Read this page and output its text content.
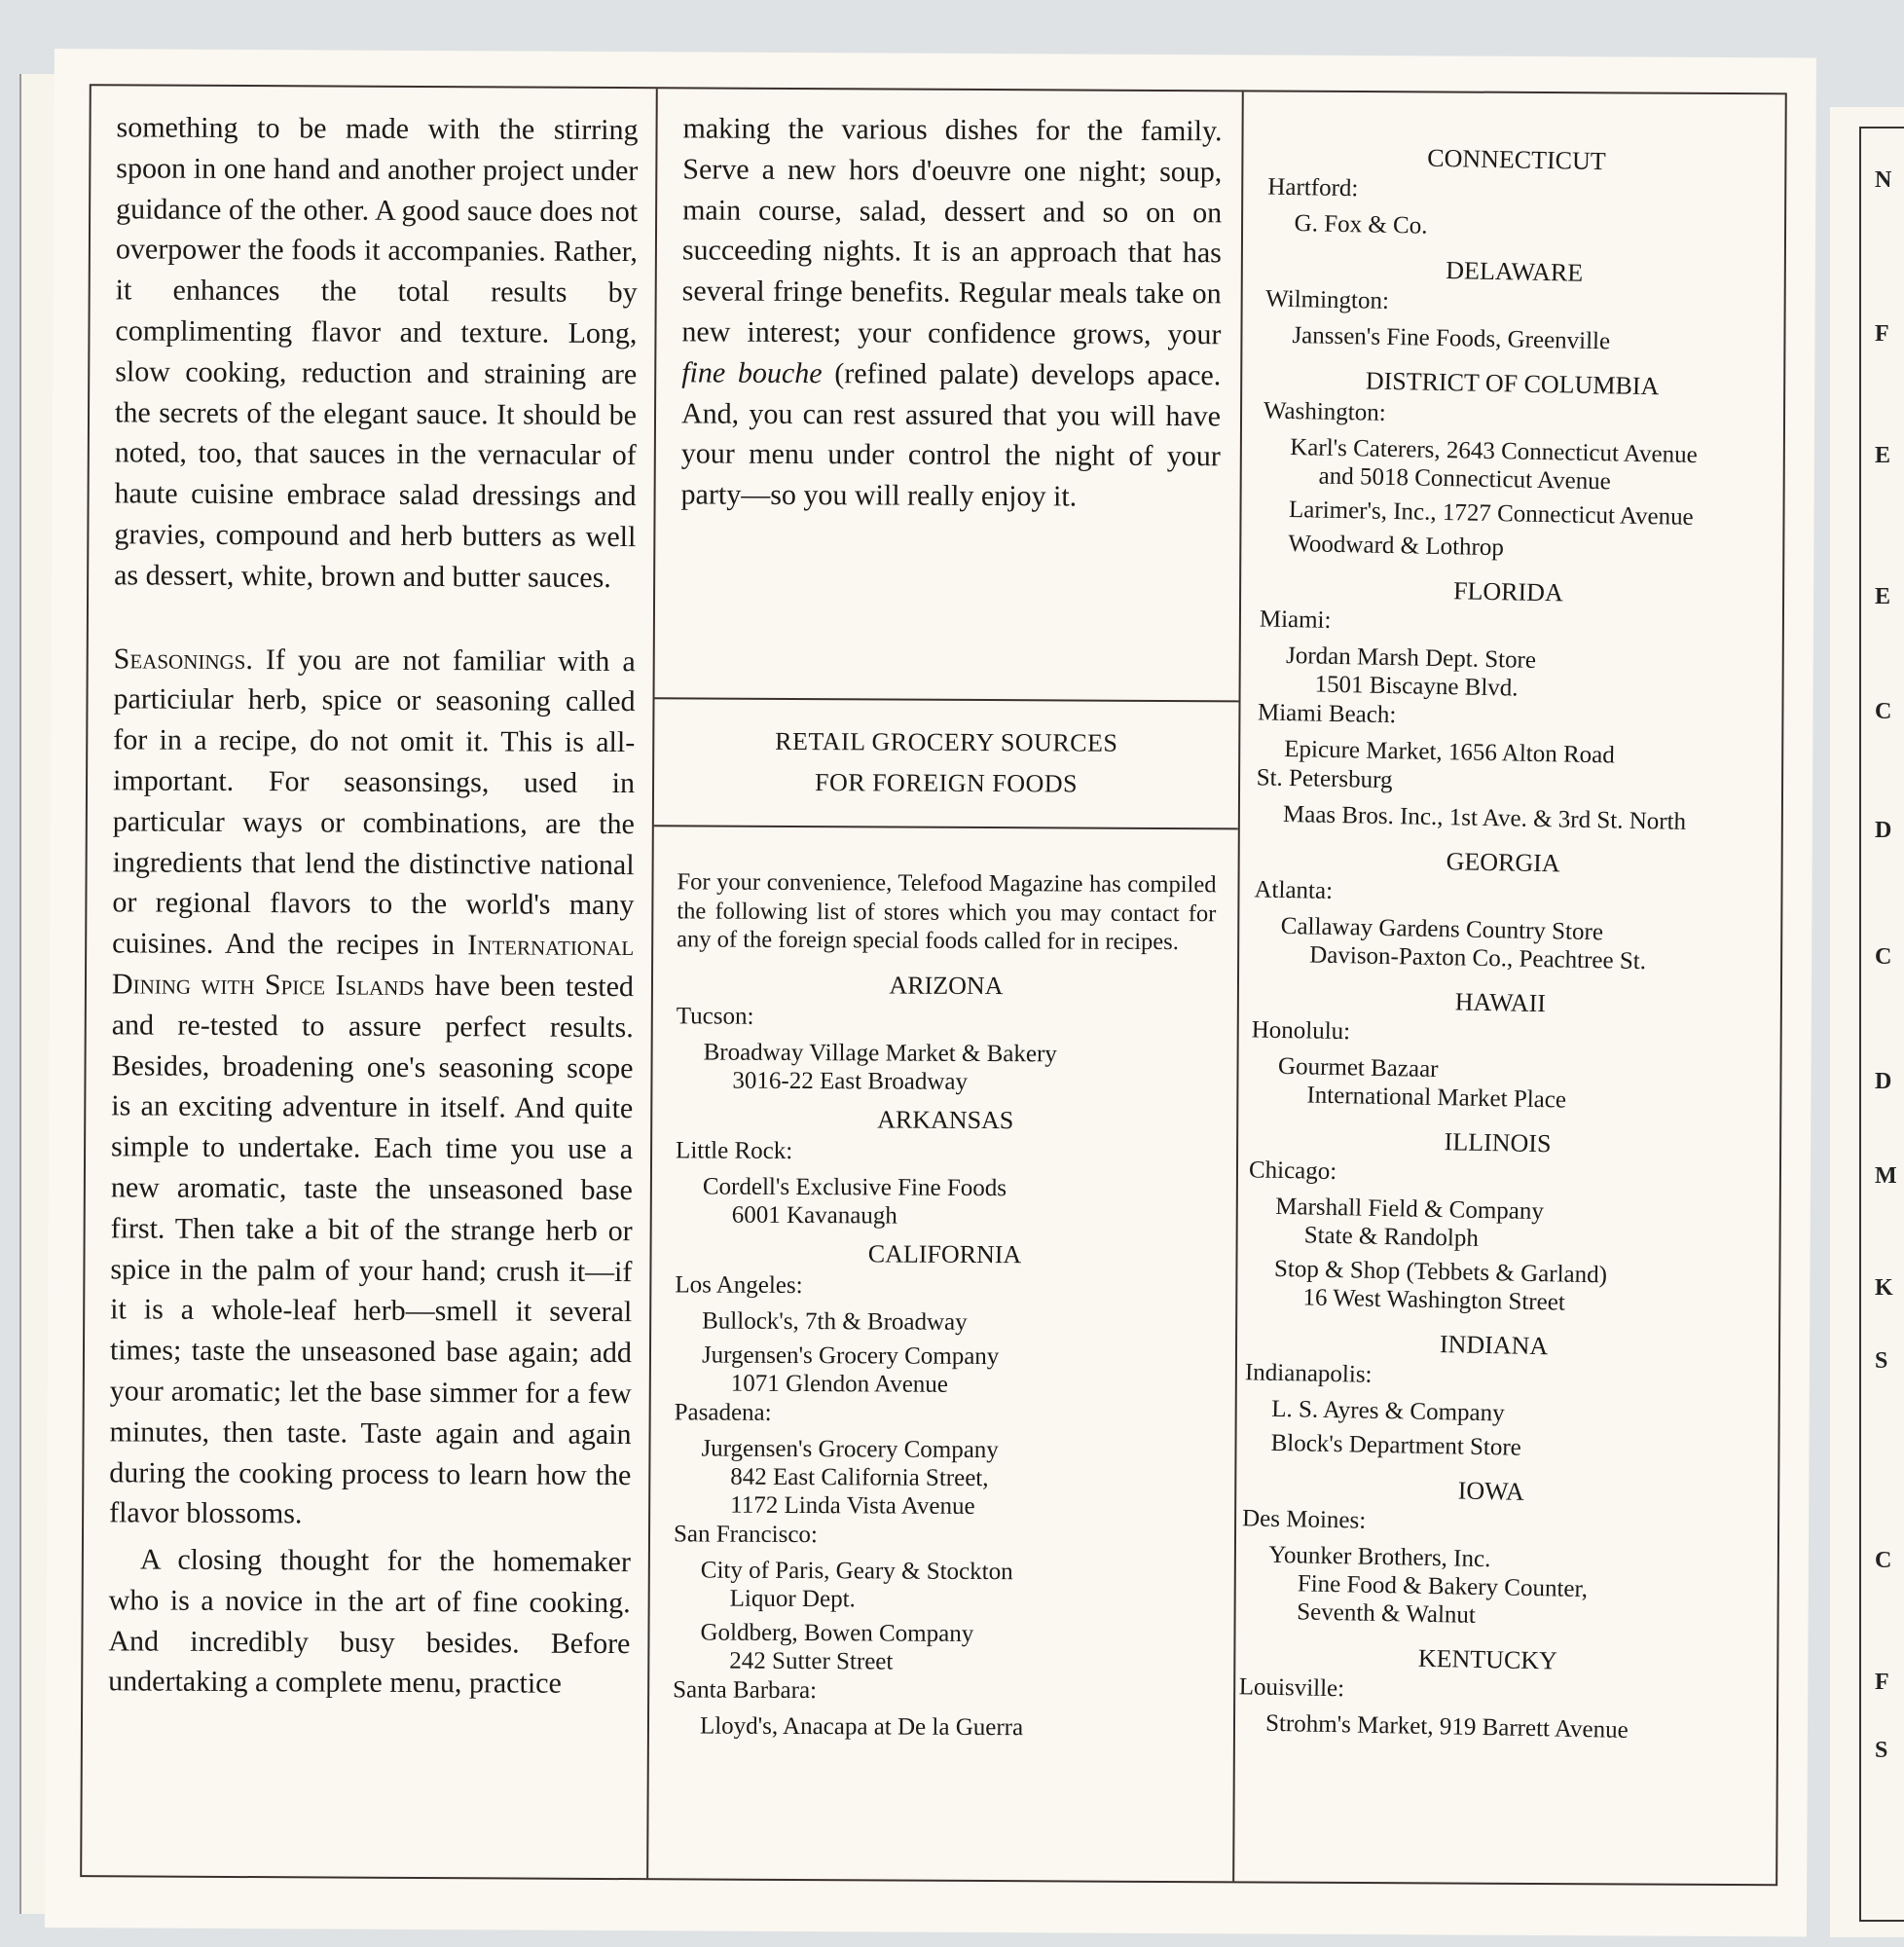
N
F
E
E
C
D
C
D
M
K
S
C
F
S

something to be made with the stirring spoon in one hand and another project under guidance of the other. A good sauce does not overpower the foods it accompanies. Rather, it enhances the total results by complimenting flavor and texture. Long, slow cooking, reduction and straining are the secrets of the elegant sauce. It should be noted, too, that sauces in the vernacular of haute cuisine embrace salad dressings and gravies, compound and herb butters as well as dessert, white, brown and butter sauces.

Seasonings. If you are not familiar with a particiular herb, spice or seasoning called for in a recipe, do not omit it. This is all-important. For seasonsings, used in particular ways or combinations, are the ingredients that lend the distinctive national or regional flavors to the world's many cuisines. And the recipes in International Dining with Spice Islands have been tested and re-tested to assure perfect results. Besides, broadening one's seasoning scope is an exciting adventure in itself. And quite simple to undertake. Each time you use a new aromatic, taste the unseasoned base first. Then take a bit of the strange herb or spice in the palm of your hand; crush it—if it is a whole-leaf herb—smell it several times; taste the unseasoned base again; add your aromatic; let the base simmer for a few minutes, then taste. Taste again and again during the cooking process to learn how the flavor blossoms.

A closing thought for the homemaker who is a novice in the art of fine cooking. And incredibly busy besides. Before undertaking a complete menu, practice

making the various dishes for the family. Serve a new hors d'oeuvre one night; soup, main course, salad, dessert and so on on succeeding nights. It is an approach that has several fringe benefits. Regular meals take on new interest; your confidence grows, your fine bouche (refined palate) develops apace. And, you can rest assured that you will have your menu under control the night of your party—so you will really enjoy it.

RETAIL GROCERY SOURCES
FOR FOREIGN FOODS
For your convenience, Telefood Magazine has compiled the following list of stores which you may contact for any of the foreign special foods called for in recipes.
ARIZONA
Tucson:
Broadway Village Market & Bakery
3016-22 East Broadway
ARKANSAS
Little Rock:
Cordell's Exclusive Fine Foods
6001 Kavanaugh
CALIFORNIA
Los Angeles:
Bullock's, 7th & Broadway
Jurgensen's Grocery Company
1071 Glendon Avenue
Pasadena:
Jurgensen's Grocery Company
842 East California Street,
1172 Linda Vista Avenue
San Francisco:
City of Paris, Geary & Stockton
Liquor Dept.
Goldberg, Bowen Company
242 Sutter Street
Santa Barbara:
Lloyd's, Anacapa at De la Guerra
CONNECTICUT
Hartford:
G. Fox & Co.
DELAWARE
Wilmington:
Janssen's Fine Foods, Greenville
DISTRICT OF COLUMBIA
Washington:
Karl's Caterers, 2643 Connecticut Avenue
and 5018 Connecticut Avenue
Larimer's, Inc., 1727 Connecticut Avenue
Woodward & Lothrop
FLORIDA
Miami:
Jordan Marsh Dept. Store
1501 Biscayne Blvd.
Miami Beach:
Epicure Market, 1656 Alton Road
St. Petersburg
Maas Bros. Inc., 1st Ave. & 3rd St. North
GEORGIA
Atlanta:
Callaway Gardens Country Store
Davison-Paxton Co., Peachtree St.
HAWAII
Honolulu:
Gourmet Bazaar
International Market Place
ILLINOIS
Chicago:
Marshall Field & Company
State & Randolph
Stop & Shop (Tebbets & Garland)
16 West Washington Street
INDIANA
Indianapolis:
L. S. Ayres & Company
Block's Department Store
IOWA
Des Moines:
Younker Brothers, Inc.
Fine Food & Bakery Counter,
Seventh & Walnut
KENTUCKY
Louisville:
Strohm's Market, 919 Barrett Avenue
